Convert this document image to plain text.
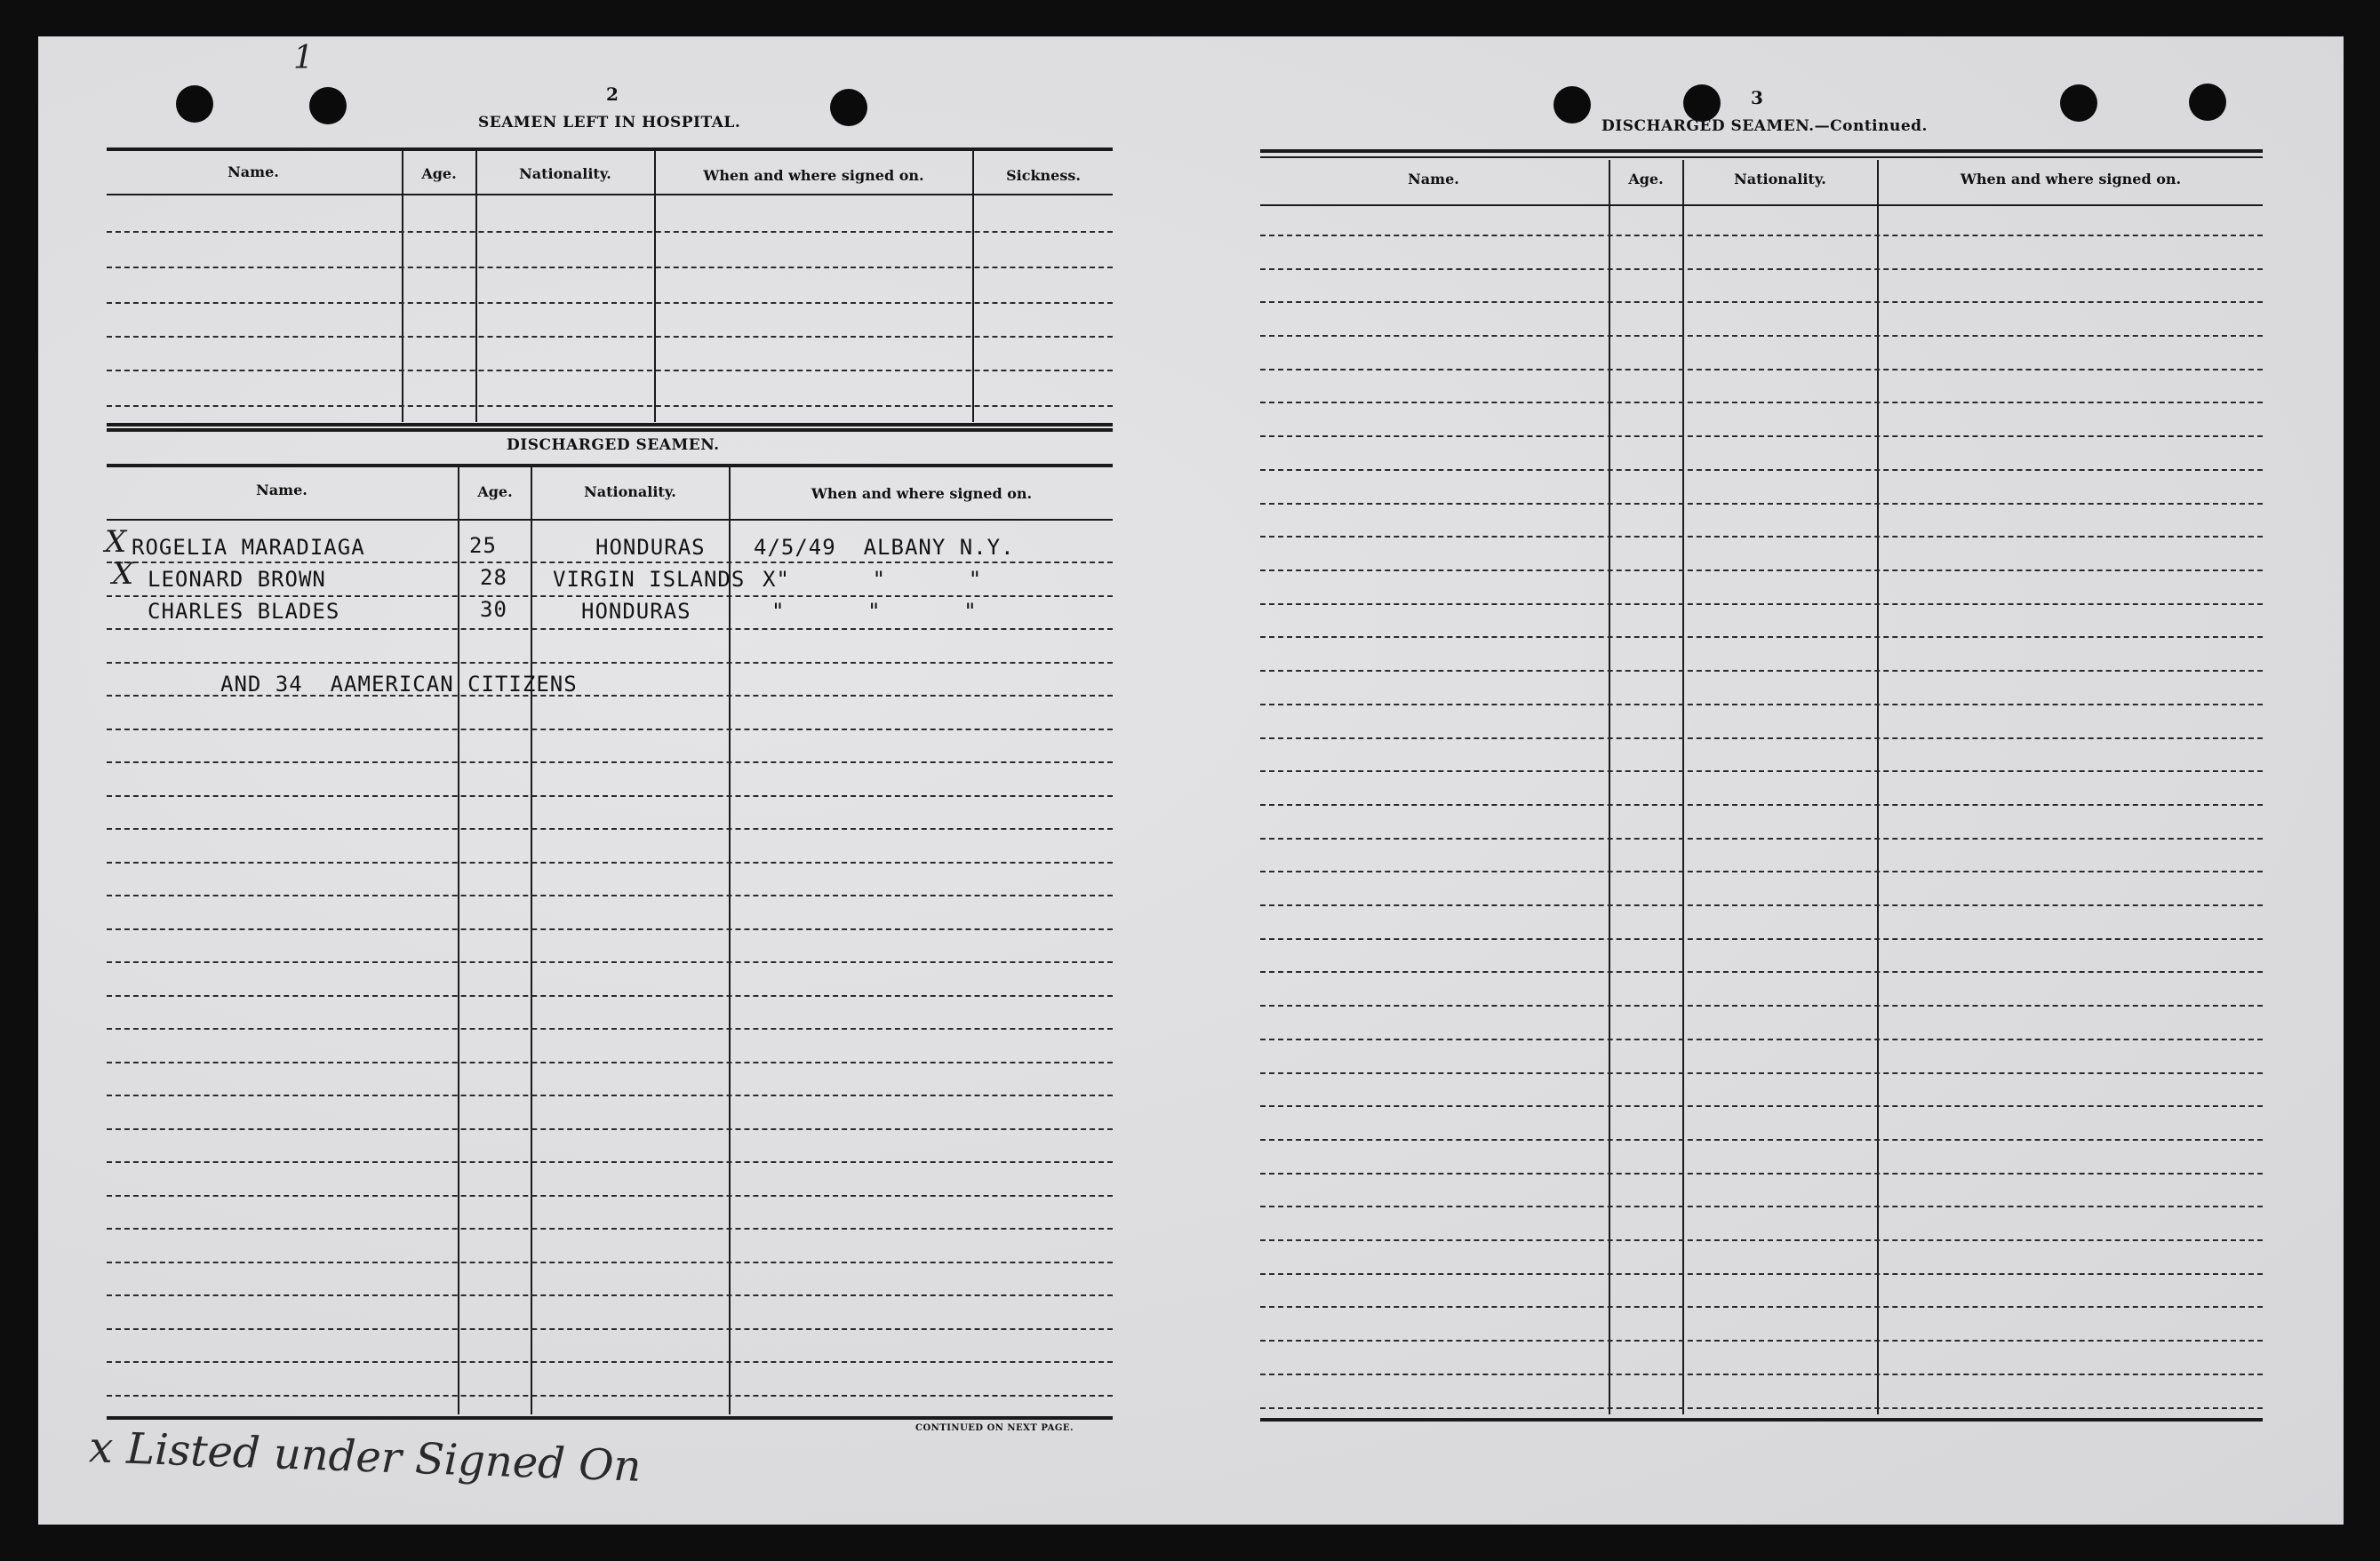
1
2
SEAMEN LEFT IN HOSPITAL.
Name.	Age.	Nationality.	When and where signed on.	Sickness.
DISCHARGED SEAMEN.
Name.	Age.	Nationality.	When and where signed on.
X ROGELIA MARADIAGA	25	HONDURAS 4/5/49  ALBANY N.Y.
X LEONARD BROWN	28 VIRGIN ISLANDS X"      "      "
CHARLES BLADES	30	HONDURAS	"      "      "
AND 34  AAMERICAN CITIZENS
CONTINUED ON NEXT PAGE.
x Listed under Signed On
3
DISCHARGED SEAMEN.—Continued.
Name.	Age.	Nationality.	When and where signed on.
